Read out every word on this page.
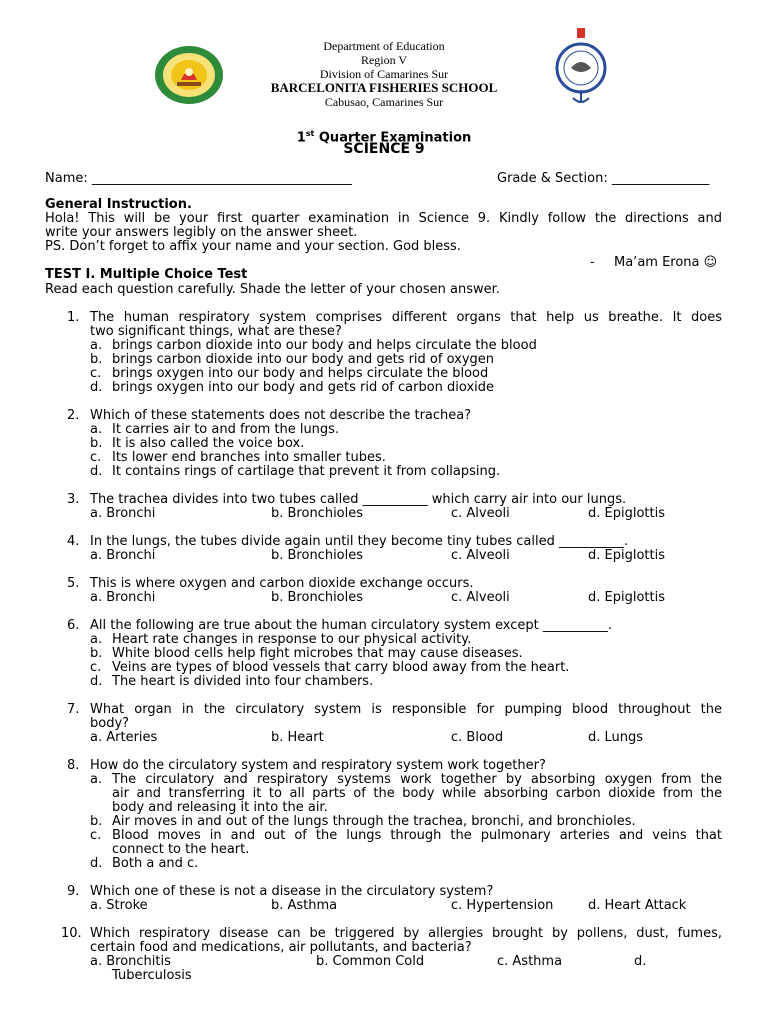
Department of Education
Region V
Division of Camarines Sur
BARCELONITA FISHERIES SCHOOL
Cabusao, Camarines Sur
1st Quarter Examination
SCIENCE 9
Name: ________________________________________	Grade & Section: _______________
General Instruction.
Hola! This will be your first quarter examination in Science 9. Kindly follow the directions and
write your answers legibly on the answer sheet.
PS. Don’t forget to affix your name and your section. God bless.
- Ma’am Erona ☺
TEST I. Multiple Choice Test
Read each question carefully. Shade the letter of your chosen answer.
1. The human respiratory system comprises different organs that help us breathe. It does
two significant things, what are these?
a. brings carbon dioxide into our body and helps circulate the blood
b. brings carbon dioxide into our body and gets rid of oxygen
c. brings oxygen into our body and helps circulate the blood
d. brings oxygen into our body and gets rid of carbon dioxide
2. Which of these statements does not describe the trachea?
a. It carries air to and from the lungs.
b. It is also called the voice box.
c. Its lower end branches into smaller tubes.
d. It contains rings of cartilage that prevent it from collapsing.
3. The trachea divides into two tubes called __________ which carry air into our lungs.
a. Bronchi	b. Bronchioles	c. Alveoli	d. Epiglottis
4. In the lungs, the tubes divide again until they become tiny tubes called __________.
a. Bronchi	b. Bronchioles	c. Alveoli	d. Epiglottis
5. This is where oxygen and carbon dioxide exchange occurs.
a. Bronchi	b. Bronchioles	c. Alveoli	d. Epiglottis
6. All the following are true about the human circulatory system except __________.
a. Heart rate changes in response to our physical activity.
b. White blood cells help fight microbes that may cause diseases.
c. Veins are types of blood vessels that carry blood away from the heart.
d. The heart is divided into four chambers.
7. What organ in the circulatory system is responsible for pumping blood throughout the
body?
a. Arteries	b. Heart	c. Blood	d. Lungs
8. How do the circulatory system and respiratory system work together?
a. The circulatory and respiratory systems work together by absorbing oxygen from the
air and transferring it to all parts of the body while absorbing carbon dioxide from the
body and releasing it into the air.
b. Air moves in and out of the lungs through the trachea, bronchi, and bronchioles.
c. Blood moves in and out of the lungs through the pulmonary arteries and veins that
connect to the heart.
d. Both a and c.
9. Which one of these is not a disease in the circulatory system?
a. Stroke	b. Asthma	c. Hypertension	d. Heart Attack
10. Which respiratory disease can be triggered by allergies brought by pollens, dust, fumes,
certain food and medications, air pollutants, and bacteria?
a. Bronchitis	b. Common Cold	c. Asthma	d.
Tuberculosis
